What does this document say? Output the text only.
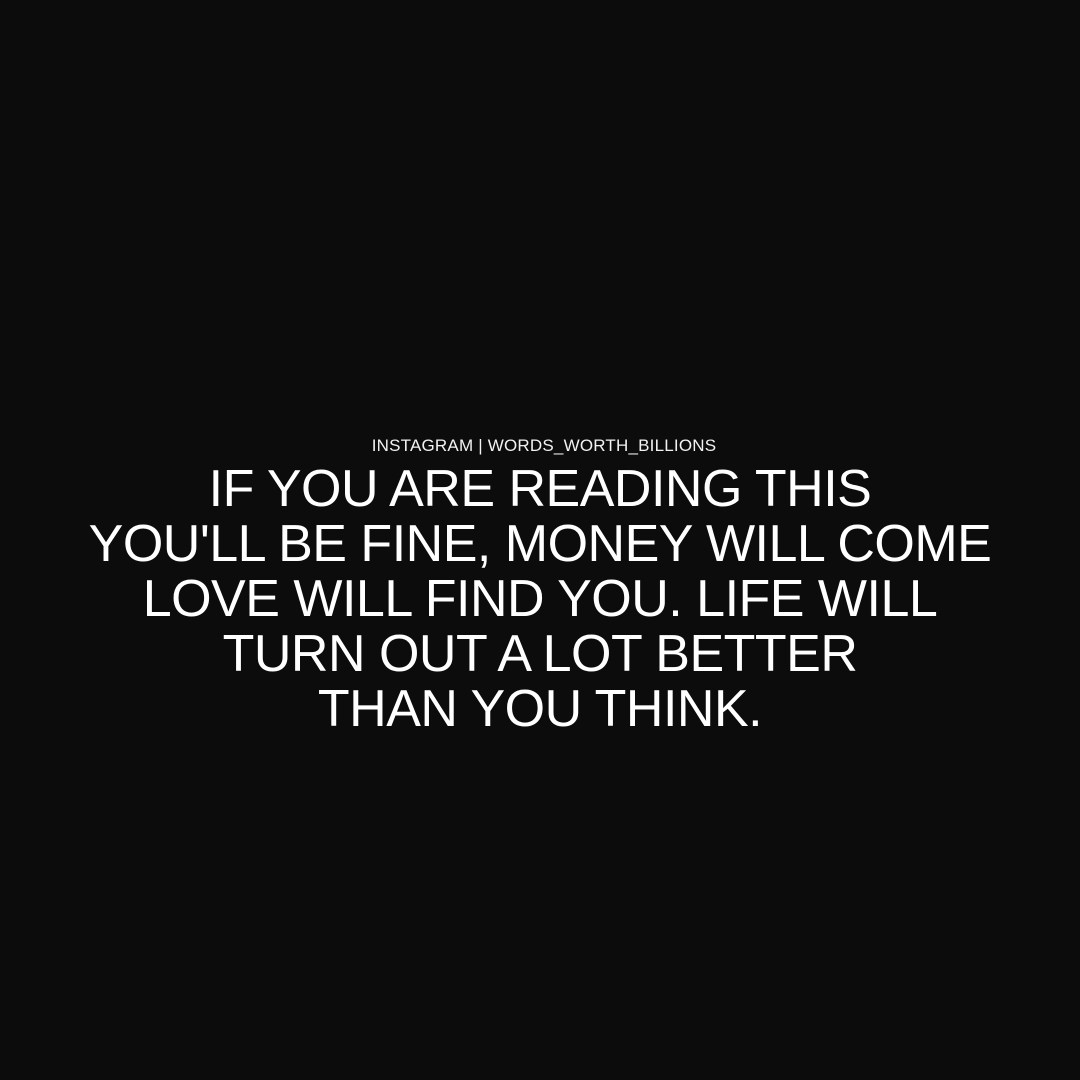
INSTAGRAM | WORDS_WORTH_BILLIONS
IF YOU ARE READING THIS
YOU'LL BE FINE, MONEY WILL COME
LOVE WILL FIND YOU. LIFE WILL
TURN OUT A LOT BETTER
THAN YOU THINK.
